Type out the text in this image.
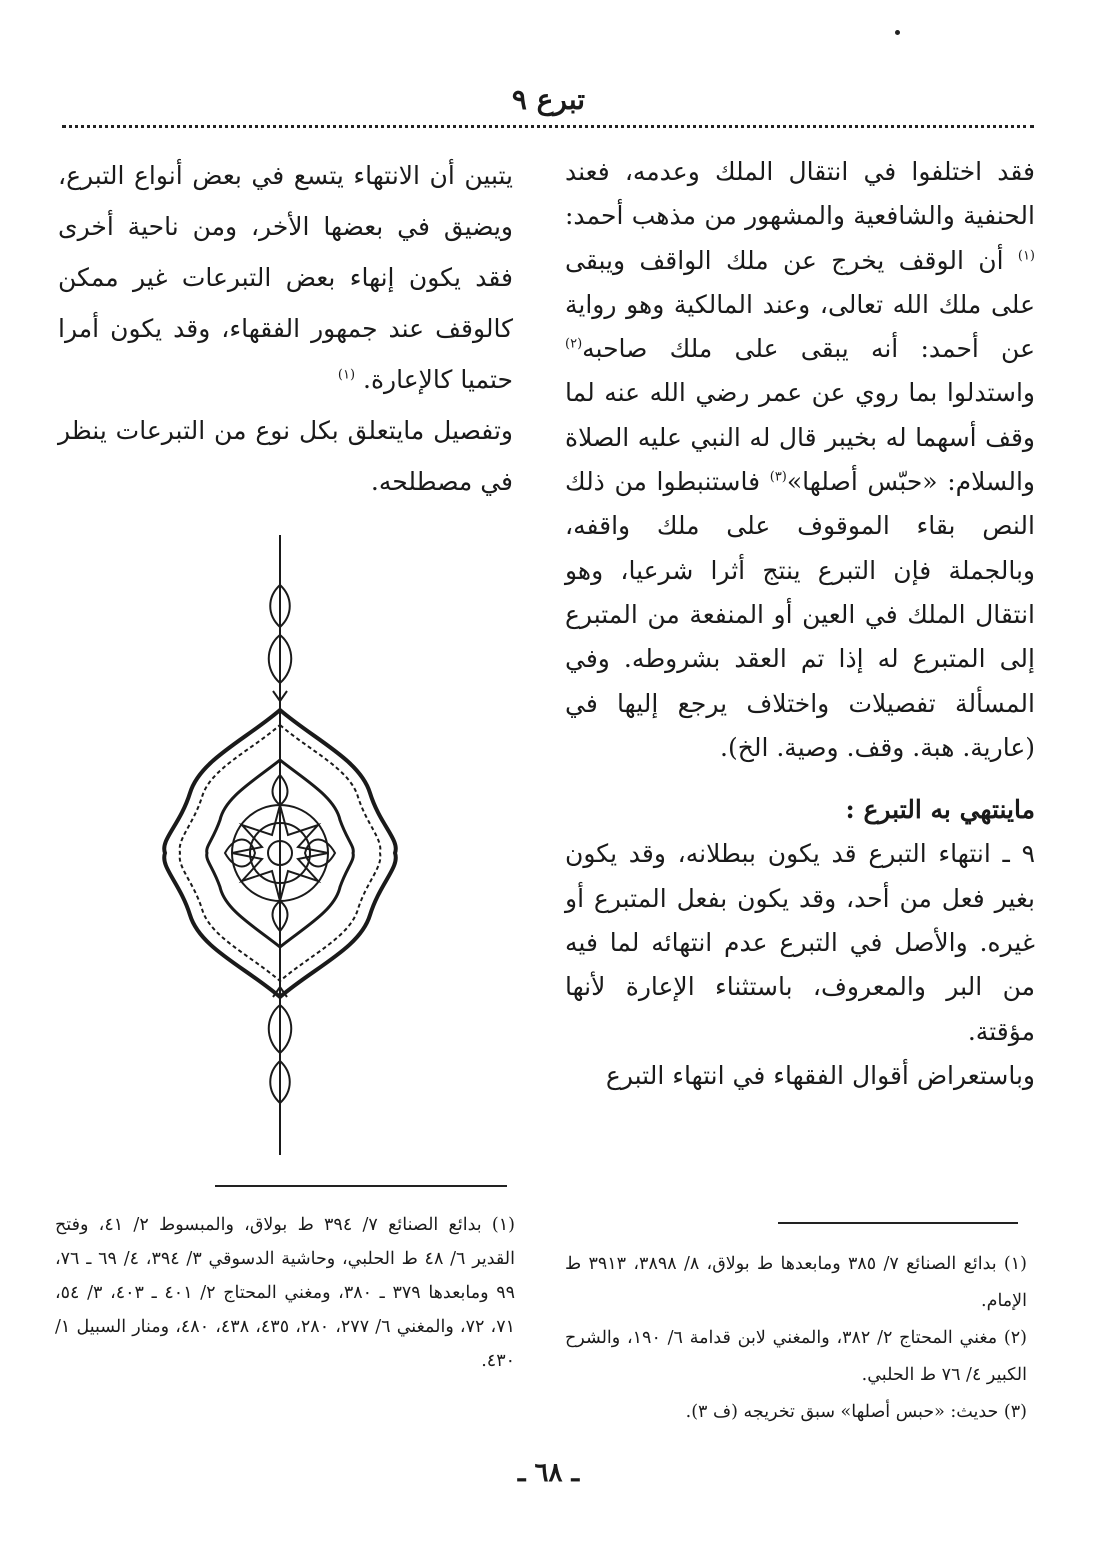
تبرع ٩

فقد اختلفوا في انتقال الملك وعدمه، فعند الحنفية والشافعية والمشهور من مذهب أحمد:$^{(١)}$ أن الوقف يخرج عن ملك الواقف ويبقى على ملك الله تعالى، وعند المالكية وهو رواية عن أحمد: أنه يبقى على ملك صاحبه$^{(٢)}$ واستدلوا بما روي عن عمر رضي الله عنه لما وقف أسهما له بخيبر قال له النبي عليه الصلاة والسلام: «حبّس أصلها»$^{(٣)}$ فاستنبطوا من ذلك النص بقاء الموقوف على ملك واقفه، وبالجملة فإن التبرع ينتج أثرا شرعيا، وهو انتقال الملك في العين أو المنفعة من المتبرع إلى المتبرع له إذا تم العقد بشروطه. وفي المسألة تفصيلات واختلاف يرجع إليها في (عارية. هبة. وقف. وصية. الخ).

ماينتهي به التبرع :

٩ ـ انتهاء التبرع قد يكون ببطلانه، وقد يكون بغير فعل من أحد، وقد يكون بفعل المتبرع أو غيره. والأصل في التبرع عدم انتهائه لما فيه من البر والمعروف، باستثناء الإعارة لأنها مؤقتة.

وباستعراض أقوال الفقهاء في انتهاء التبرع

يتبين أن الانتهاء يتسع في بعض أنواع التبرع، ويضيق في بعضها الأخر، ومن ناحية أخرى فقد يكون إنهاء بعض التبرعات غير ممكن كالوقف عند جمهور الفقهاء، وقد يكون أمرا حتميا كالإعارة. $^{(١)}$

وتفصيل مايتعلق بكل نوع من التبرعات ينظر في مصطلحه.

(١) بدائع الصنائع ٧/ ٣٨٥ ومابعدها ط بولاق، ٨/ ٣٨٩٨، ٣٩١٣ ط الإمام.

(٢) مغني المحتاج ٢/ ٣٨٢، والمغني لابن قدامة ٦/ ١٩٠، والشرح الكبير ٤/ ٧٦ ط الحلبي.

(٣) حديث: «حبس أصلها» سبق تخريجه (ف ٣).

(١) بدائع الصنائع ٧/ ٣٩٤ ط بولاق، والمبسوط ٢/ ٤١، وفتح القدير ٦/ ٤٨ ط الحلبي، وحاشية الدسوقي ٣/ ٣٩٤، ٤/ ٦٩ ـ ٧٦، ٩٩ ومابعدها ٣٧٩ ـ ٣٨٠، ومغني المحتاج ٢/ ٤٠١ ـ ٤٠٣، ٣/ ٥٤، ٧١، ٧٢، والمغني ٦/ ٢٧٧، ٢٨٠، ٤٣٥، ٤٣٨، ٤٨٠، ومنار السبيل ١/ ٤٣٠.

ـ ٦٨ ـ
